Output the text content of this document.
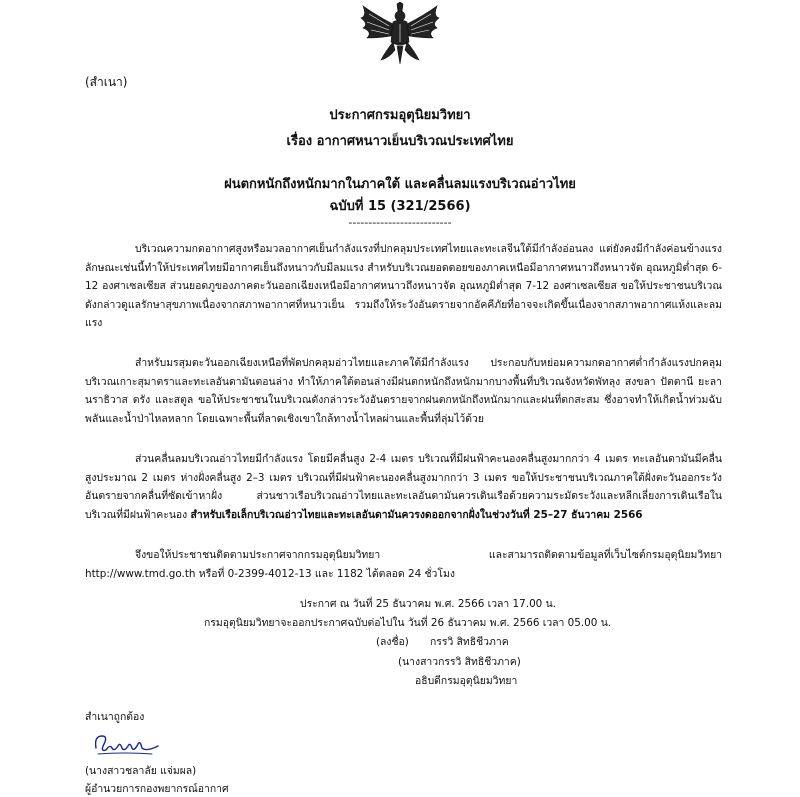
(สำเนา)
ประกาศกรมอุตุนิยมวิทยา
เรื่อง อากาศหนาวเย็นบริเวณประเทศไทย
ฝนตกหนักถึงหนักมากในภาคใต้ และคลื่นลมแรงบริเวณอ่าวไทย
ฉบับที่ 15 (321/2566)
--------------------------
บริเวณความกดอากาศสูงหรือมวลอากาศเย็นกำลังแรงที่ปกคลุมประเทศไทยและทะเลจีนใต้มีกำลังอ่อนลง แต่ยังคงมีกำลังค่อนข้างแรง ลักษณะเช่นนี้ทำให้ประเทศไทยมีอากาศเย็นถึงหนาวกับมีลมแรง สำหรับบริเวณยอดดอยของภาคเหนือมีอากาศหนาวถึงหนาวจัด อุณหภูมิต่ำสุด 6-12 องศาเซลเซียส ส่วนยอดภูของภาคตะวันออกเฉียงเหนือมีอากาศหนาวถึงหนาวจัด อุณหภูมิต่ำสุด 7-12 องศาเซลเซียส ขอให้ประชาชนบริเวณดังกล่าวดูแลรักษาสุขภาพเนื่องจากสภาพอากาศที่หนาวเย็น รวมถึงให้ระวังอันตรายจากอัคคีภัยที่อาจจะเกิดขึ้นเนื่องจากสภาพอากาศแห้งและลมแรง
สำหรับมรสุมตะวันออกเฉียงเหนือที่พัดปกคลุมอ่าวไทยและภาคใต้มีกำลังแรง ประกอบกับหย่อมความกดอากาศต่ำกำลังแรงปกคลุมบริเวณเกาะสุมาตราและทะเลอันดามันตอนล่าง ทำให้ภาคใต้ตอนล่างมีฝนตกหนักถึงหนักมากบางพื้นที่บริเวณจังหวัดพัทลุง สงขลา ปัตตานี ยะลา นราธิวาส ตรัง และสตูล ขอให้ประชาชนในบริเวณดังกล่าวระวังอันตรายจากฝนตกหนักถึงหนักมากและฝนที่ตกสะสม ซึ่งอาจทำให้เกิดน้ำท่วมฉับพลันและน้ำป่าไหลหลาก โดยเฉพาะพื้นที่ลาดเชิงเขาใกล้ทางน้ำไหลผ่านและพื้นที่ลุ่มไว้ด้วย
ส่วนคลื่นลมบริเวณอ่าวไทยมีกำลังแรง โดยมีคลื่นสูง 2-4 เมตร บริเวณที่มีฝนฟ้าคะนองคลื่นสูงมากกว่า 4 เมตร ทะเลอันดามันมีคลื่นสูงประมาณ 2 เมตร ห่างฝั่งคลื่นสูง 2–3 เมตร บริเวณที่มีฝนฟ้าคะนองคลื่นสูงมากกว่า 3 เมตร ขอให้ประชาชนบริเวณภาคใต้ฝั่งตะวันออกระวังอันตรายจากคลื่นที่ซัดเข้าหาฝั่ง ส่วนชาวเรือบริเวณอ่าวไทยและทะเลอันดามันควรเดินเรือด้วยความระมัดระวังและหลีกเลี่ยงการเดินเรือในบริเวณที่มีฝนฟ้าคะนอง สำหรับเรือเล็กบริเวณอ่าวไทยและทะเลอันดามันควรงดออกจากฝั่งในช่วงวันที่ 25–27 ธันวาคม 2566
จึงขอให้ประชาชนติดตามประกาศจากกรมอุตุนิยมวิทยา และสามารถติดตามข้อมูลที่เว็บไซต์กรมอุตุนิยมวิทยา http://www.tmd.go.th หรือที่ 0-2399-4012-13 และ 1182 ได้ตลอด 24 ชั่วโมง
ประกาศ ณ วันที่ 25 ธันวาคม พ.ศ. 2566 เวลา 17.00 น.
กรมอุตุนิยมวิทยาจะออกประกาศฉบับต่อไปใน วันที่ 26 ธันวาคม พ.ศ. 2566 เวลา 05.00 น.
(ลงชื่อ) กรรวิ สิทธิชีวภาค
(นางสาวกรรวิ สิทธิชีวภาค)
อธิบดีกรมอุตุนิยมวิทยา
สำเนาถูกต้อง
(นางสาวชลาลัย แจ่มผล)
ผู้อำนวยการกองพยากรณ์อากาศ
